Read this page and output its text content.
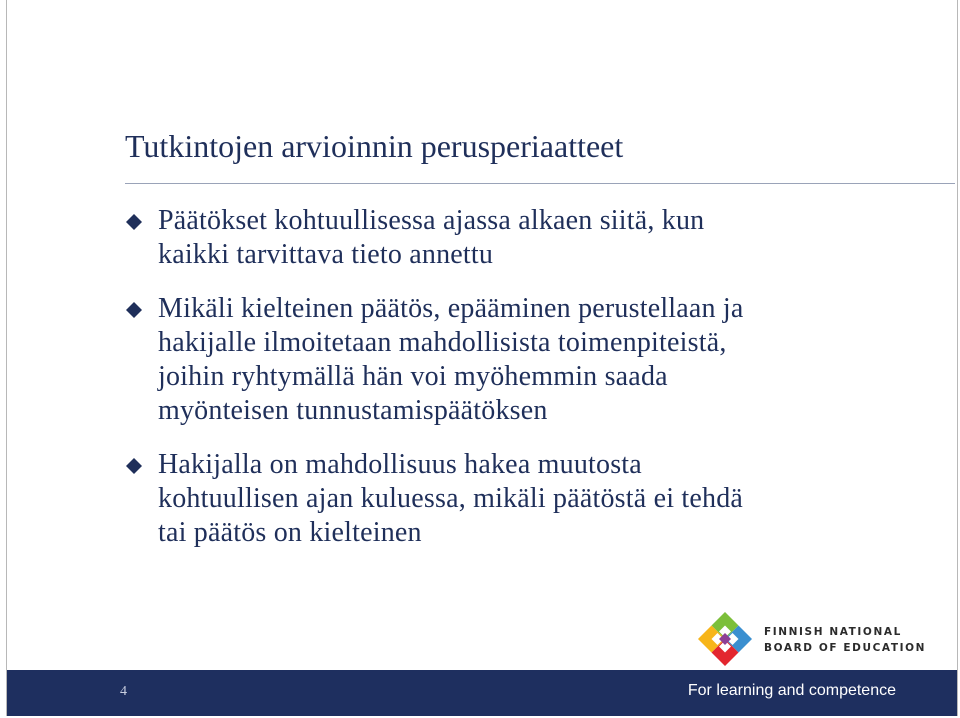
Tutkintojen arvioinnin perusperiaatteet
Päätökset kohtuullisessa ajassa alkaen siitä, kun
kaikki tarvittava tieto annettu
Mikäli kielteinen päätös, epääminen perustellaan ja
hakijalle ilmoitetaan mahdollisista toimenpiteistä,
joihin ryhtymällä hän voi myöhemmin saada
myönteisen tunnustamispäätöksen
Hakijalla on mahdollisuus hakea muutosta
kohtuullisen ajan kuluessa, mikäli päätöstä ei tehdä
tai päätös on kielteinen
FINNISH NATIONAL
BOARD OF EDUCATION
4	For learning and competence
